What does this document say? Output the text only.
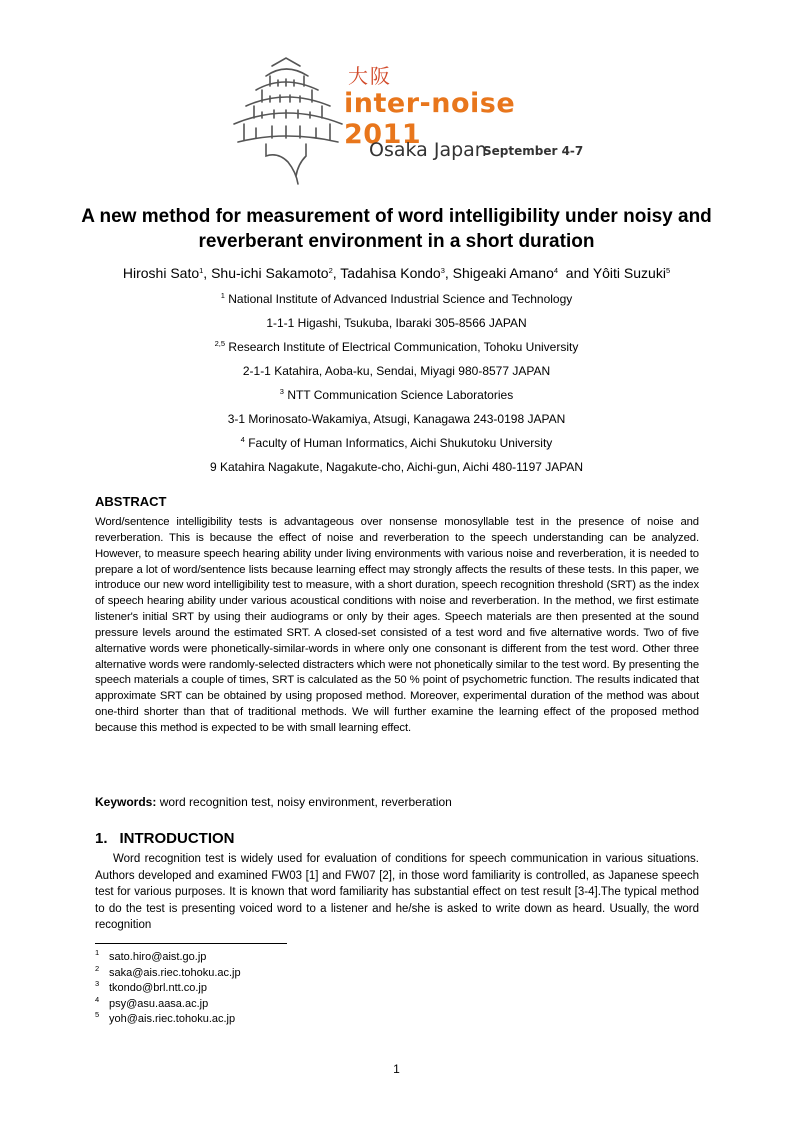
大阪
inter-noise 2011
Osaka Japan
September 4-7
A new method for measurement of word intelligibility under noisy and reverberant environment in a short duration
Hiroshi Sato$^1$, Shu-ichi Sakamoto$^2$, Tadahisa Kondo$^3$, Shigeaki Amano$^4$  and Yôiti Suzuki$^5$
$^1$ National Institute of Advanced Industrial Science and Technology
1-1-1 Higashi, Tsukuba, Ibaraki 305-8566 JAPAN
$^{2,5}$ Research Institute of Electrical Communication, Tohoku University
2-1-1 Katahira, Aoba-ku, Sendai, Miyagi 980-8577 JAPAN
$^3$ NTT Communication Science Laboratories
3-1 Morinosato-Wakamiya, Atsugi, Kanagawa 243-0198 JAPAN
$^4$ Faculty of Human Informatics, Aichi Shukutoku University
9 Katahira Nagakute, Nagakute-cho, Aichi-gun, Aichi 480-1197 JAPAN
ABSTRACT
Word/sentence intelligibility tests is advantageous over nonsense monosyllable test in the presence of noise and reverberation. This is because the effect of noise and reverberation to the speech understanding can be analyzed. However, to measure speech hearing ability under living environments with various noise and reverberation, it is needed to prepare a lot of word/sentence lists because learning effect may strongly affects the results of these tests. In this paper, we introduce our new word intelligibility test to measure, with a short duration, speech recognition threshold (SRT) as the index of speech hearing ability under various acoustical conditions with noise and reverberation. In the method, we first estimate listener's initial SRT by using their audiograms or only by their ages. Speech materials are then presented at the sound pressure levels around the estimated SRT. A closed-set consisted of a test word and five alternative words. Two of five alternative words were phonetically-similar-words in where only one consonant is different from the test word. Other three alternative words were randomly-selected distracters which were not phonetically similar to the test word. By presenting the speech materials a couple of times, SRT is calculated as the 50 % point of psychometric function. The results indicated that approximate SRT can be obtained by using proposed method. Moreover, experimental duration of the method was about one-third shorter than that of traditional methods. We will further examine the learning effect of the proposed method because this method is expected to be with small learning effect.
Keywords: word recognition test, noisy environment, reverberation
1. INTRODUCTION
Word recognition test is widely used for evaluation of conditions for speech communication in various situations. Authors developed and examined FW03 [1] and FW07 [2], in those word familiarity is controlled, as Japanese speech test for various purposes. It is known that word familiarity has substantial effect on test result [3-4].The typical method to do the test is presenting voiced word to a listener and he/she is asked to write down as heard. Usually, the word recognition
$^1$ sato.hiro@aist.go.jp
$^2$ saka@ais.riec.tohoku.ac.jp
$^3$ tkondo@brl.ntt.co.jp
$^4$ psy@asu.aasa.ac.jp
$^5$ yoh@ais.riec.tohoku.ac.jp
1
